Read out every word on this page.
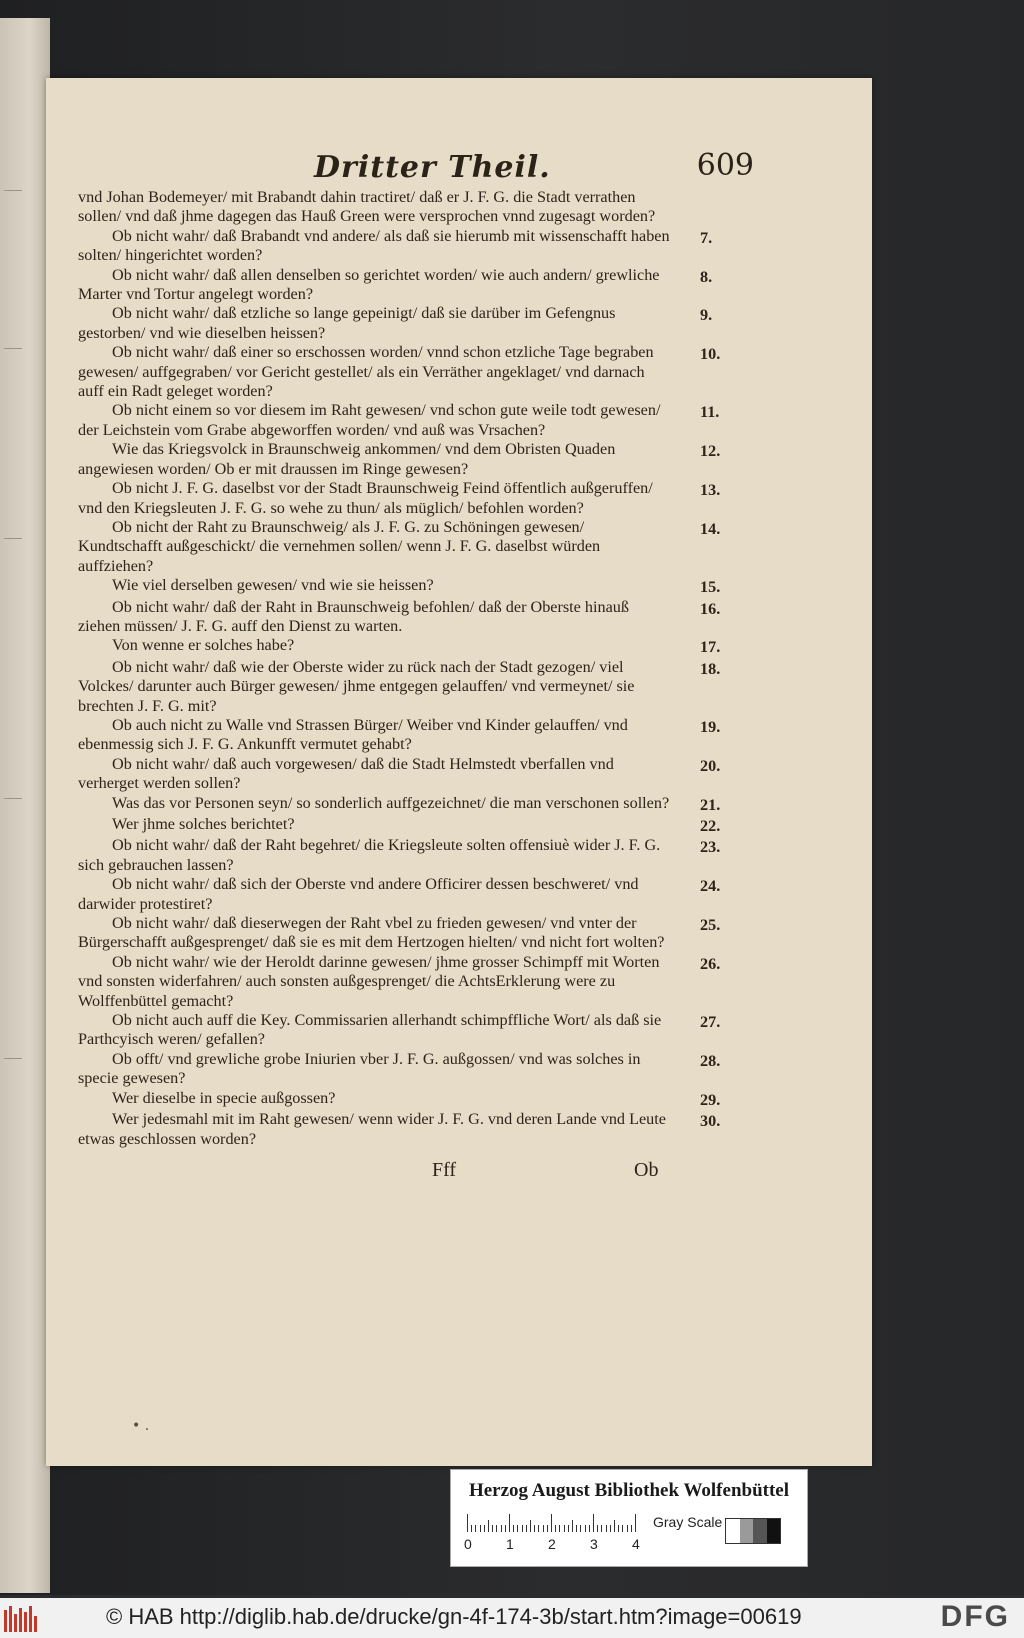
Dritter Theil.	609
vnd Johan Bodemeyer/ mit Brabandt dahin tractiret/ daß er J. F. G. die Stadt verrathen sollen/ vnd daß jhme dagegen das Hauß Green were versprochen vnnd zugesagt worden?
Ob nicht wahr/ daß Brabandt vnd andere/ als daß sie hierumb mit wissenschafft haben solten/ hingerichtet worden?
7.
Ob nicht wahr/ daß allen denselben so gerichtet worden/ wie auch andern/ grewliche Marter vnd Tortur angelegt worden?
8.
Ob nicht wahr/ daß etzliche so lange gepeinigt/ daß sie darüber im Gefengnus gestorben/ vnd wie dieselben heissen?
9.
Ob nicht wahr/ daß einer so erschossen worden/ vnnd schon etzliche Tage begraben gewesen/ auffgegraben/ vor Gericht gestellet/ als ein Verräther angeklaget/ vnd darnach auff ein Radt geleget worden?
10.
Ob nicht einem so vor diesem im Raht gewesen/ vnd schon gute weile todt gewesen/ der Leichstein vom Grabe abgeworffen worden/ vnd auß was Vrsachen?
11.
Wie das Kriegsvolck in Braunschweig ankommen/ vnd dem Obristen Quaden angewiesen worden/ Ob er mit draussen im Ringe gewesen?
12.
Ob nicht J. F. G. daselbst vor der Stadt Braunschweig Feind öffentlich außgeruffen/ vnd den Kriegsleuten J. F. G. so wehe zu thun/ als müglich/ befohlen worden?
13.
Ob nicht der Raht zu Braunschweig/ als J. F. G. zu Schöningen gewesen/ Kundtschafft außgeschickt/ die vernehmen sollen/ wenn J. F. G. daselbst würden auffziehen?
14.
Wie viel derselben gewesen/ vnd wie sie heissen?	15.
Ob nicht wahr/ daß der Raht in Braunschweig befohlen/ daß der Oberste hinauß ziehen müssen/ J. F. G. auff den Dienst zu warten.
16.
Von wenne er solches habe?	17.
Ob nicht wahr/ daß wie der Oberste wider zu rück nach der Stadt gezogen/ viel Volckes/ darunter auch Bürger gewesen/ jhme entgegen gelauffen/ vnd vermeynet/ sie brechten J. F. G. mit?
18.
Ob auch nicht zu Walle vnd Strassen Bürger/ Weiber vnd Kinder gelauffen/ vnd ebenmessig sich J. F. G. Ankunfft vermutet gehabt?
19.
Ob nicht wahr/ daß auch vorgewesen/ daß die Stadt Helmstedt vberfallen vnd verherget werden sollen?
20.
Was das vor Personen seyn/ so sonderlich auffgezeichnet/ die man verschonen sollen? 21.
Wer jhme solches berichtet?	22.
Ob nicht wahr/ daß der Raht begehret/ die Kriegsleute solten offensiuè wider J. F. G. sich gebrauchen lassen?
23.
Ob nicht wahr/ daß sich der Oberste vnd andere Officirer dessen beschweret/ vnd darwider protestiret?
24.
Ob nicht wahr/ daß dieserwegen der Raht vbel zu frieden gewesen/ vnd vnter der Bürgerschafft außgesprenget/ daß sie es mit dem Hertzogen hielten/ vnd nicht fort wolten?
25.
Ob nicht wahr/ wie der Heroldt darinne gewesen/ jhme grosser Schimpff mit Worten vnd sonsten widerfahren/ auch sonsten außgesprenget/ die AchtsErklerung were zu Wolffenbüttel gemacht?
26.
Ob nicht auch auff die Key. Commissarien allerhandt schimpffliche Wort/ als daß sie Parthcyisch weren/ gefallen?
27.
Ob offt/ vnd grewliche grobe Iniurien vber J. F. G. außgossen/ vnd was solches in specie gewesen?
28.
Wer dieselbe in specie außgossen?	29.
Wer jedesmahl mit im Raht gewesen/ wenn wider J. F. G. vnd deren Lande vnd Leute etwas geschlossen worden?
30.
Fff	Ob
• .
Herzog August Bibliothek Wolfenbüttel
0 1 2 3 4
Gray Scale
© HAB http://diglib.hab.de/drucke/gn-4f-174-3b/start.htm?image=00619	DFG
